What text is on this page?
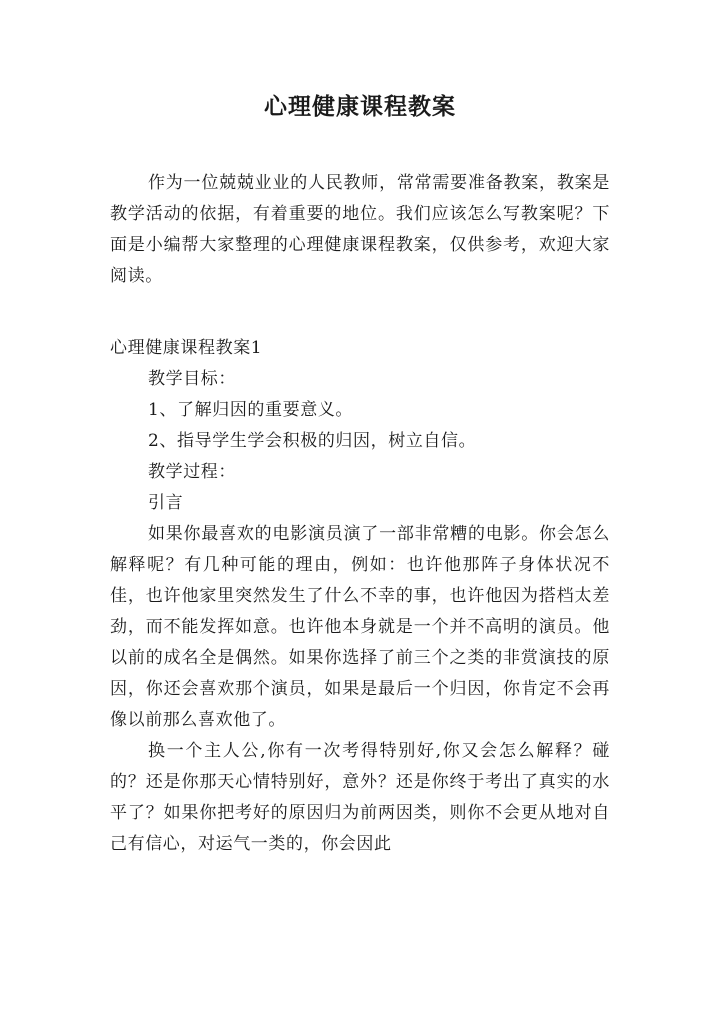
心理健康课程教案

作为一位兢兢业业的人民教师，常常需要准备教案，教案是教学活动的依据，有着重要的地位。我们应该怎么写教案呢？下面是小编帮大家整理的心理健康课程教案，仅供参考，欢迎大家阅读。

心理健康课程教案1

教学目标：

1、了解归因的重要意义。

2、指导学生学会积极的归因，树立自信。

教学过程：

引言

如果你最喜欢的电影演员演了一部非常糟的电影。你会怎么解释呢？有几种可能的理由，例如：也许他那阵子身体状况不佳，也许他家里突然发生了什么不幸的事，也许他因为搭档太差劲，而不能发挥如意。也许他本身就是一个并不高明的演员。他以前的成名全是偶然。如果你选择了前三个之类的非赏演技的原因，你还会喜欢那个演员，如果是最后一个归因，你肯定不会再像以前那么喜欢他了。

换一个主人公,你有一次考得特别好,你又会怎么解释？碰的？还是你那天心情特别好，意外？还是你终于考出了真实的水平了？如果你把考好的原因归为前两因类，则你不会更从地对自己有信心，对运气一类的，你会因此
